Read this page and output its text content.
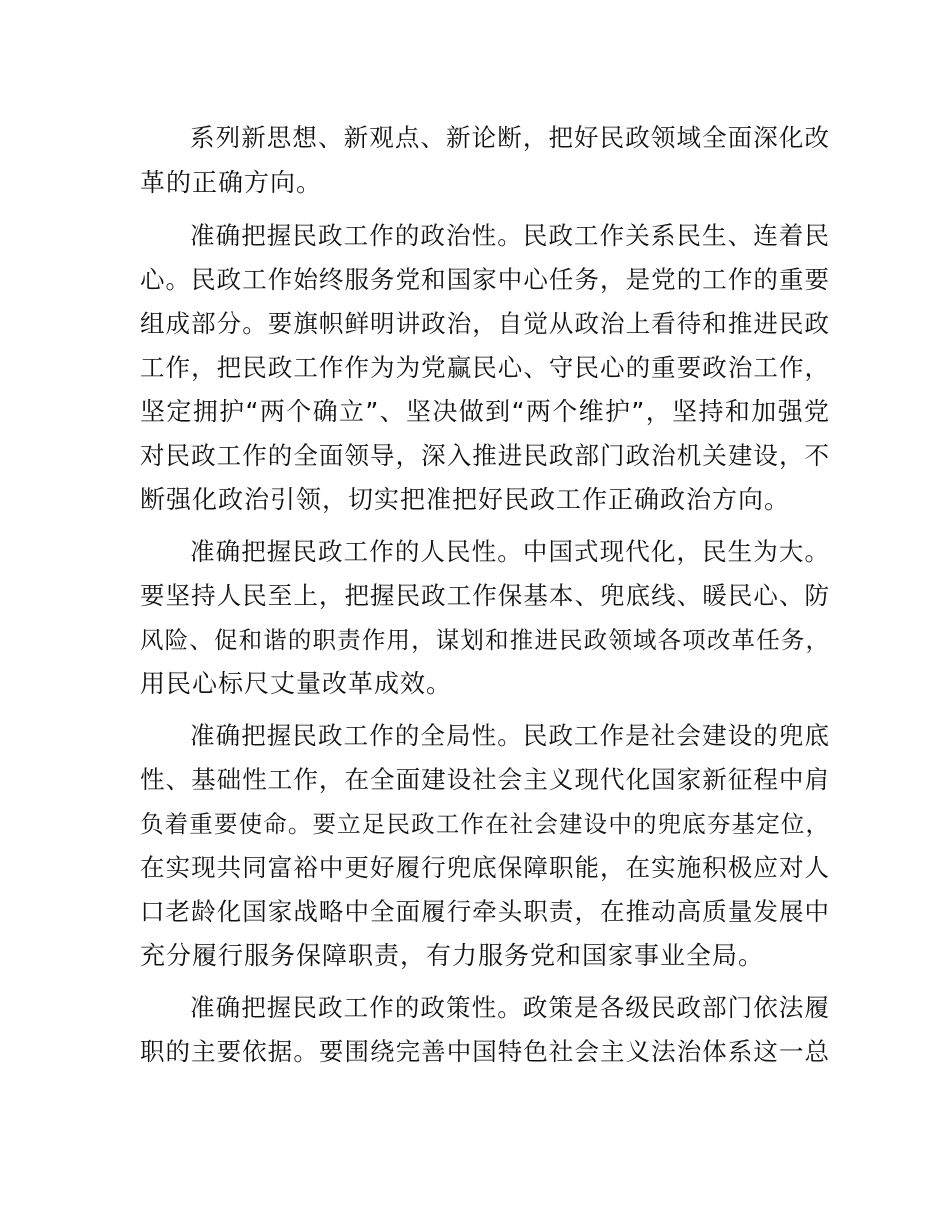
系列新思想、新观点、新论断，把好民政领域全面深化改
革的正确方向。
准确把握民政工作的政治性。民政工作关系民生、连着民
心。民政工作始终服务党和国家中心任务，是党的工作的重要
组成部分。要旗帜鲜明讲政治，自觉从政治上看待和推进民政
工作，把民政工作作为为党赢民心、守民心的重要政治工作，
坚定拥护“两个确立”、坚决做到“两个维护”，坚持和加强党
对民政工作的全面领导，深入推进民政部门政治机关建设，不
断强化政治引领，切实把准把好民政工作正确政治方向。
准确把握民政工作的人民性。中国式现代化，民生为大。
要坚持人民至上，把握民政工作保基本、兜底线、暖民心、防
风险、促和谐的职责作用，谋划和推进民政领域各项改革任务，
用民心标尺丈量改革成效。
准确把握民政工作的全局性。民政工作是社会建设的兜底
性、基础性工作，在全面建设社会主义现代化国家新征程中肩
负着重要使命。要立足民政工作在社会建设中的兜底夯基定位，
在实现共同富裕中更好履行兜底保障职能，在实施积极应对人
口老龄化国家战略中全面履行牵头职责，在推动高质量发展中
充分履行服务保障职责，有力服务党和国家事业全局。
准确把握民政工作的政策性。政策是各级民政部门依法履
职的主要依据。要围绕完善中国特色社会主义法治体系这一总
